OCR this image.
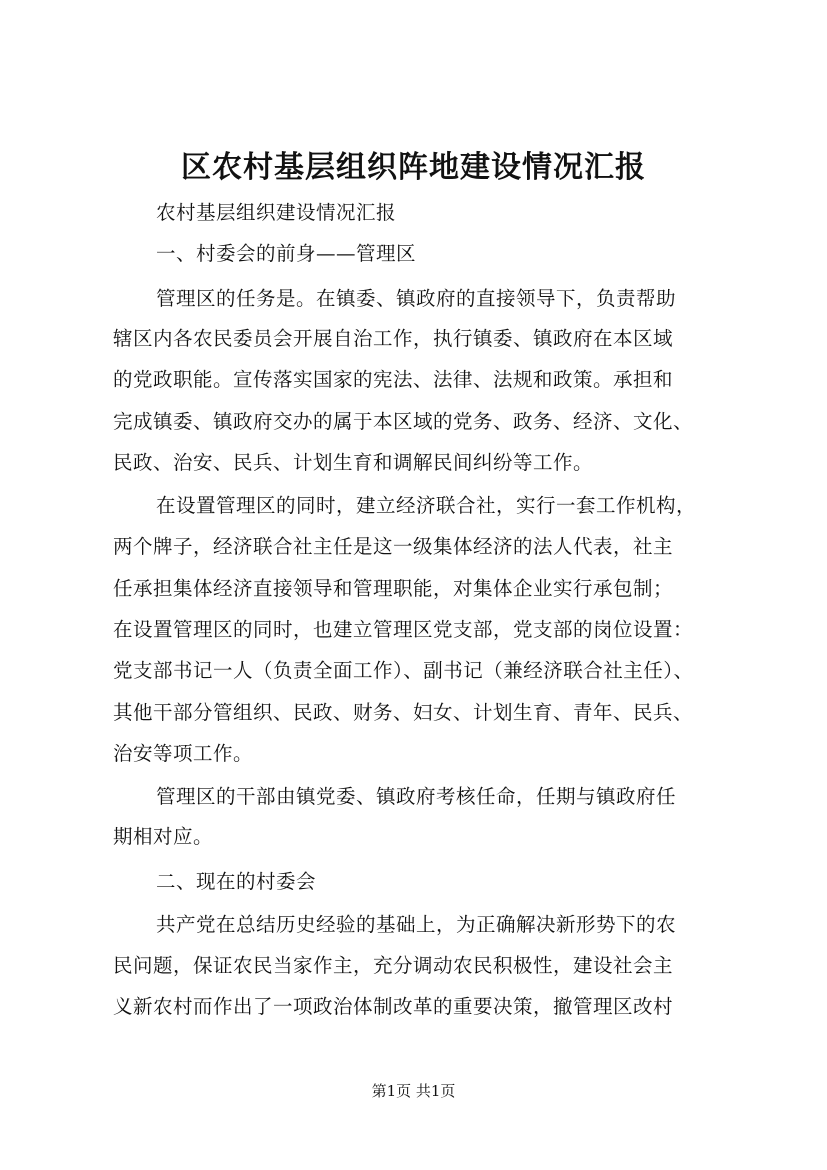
区农村基层组织阵地建设情况汇报

农村基层组织建设情况汇报

一、村委会的前身——管理区

管理区的任务是。在镇委、镇政府的直接领导下，负责帮助

辖区内各农民委员会开展自治工作，执行镇委、镇政府在本区域

的党政职能。宣传落实国家的宪法、法律、法规和政策。承担和

完成镇委、镇政府交办的属于本区域的党务、政务、经济、文化、

民政、治安、民兵、计划生育和调解民间纠纷等工作。

在设置管理区的同时，建立经济联合社，实行一套工作机构，

两个牌子，经济联合社主任是这一级集体经济的法人代表，社主

任承担集体经济直接领导和管理职能，对集体企业实行承包制；

在设置管理区的同时，也建立管理区党支部，党支部的岗位设置：

党支部书记一人（负责全面工作）、副书记（兼经济联合社主任）、

其他干部分管组织、民政、财务、妇女、计划生育、青年、民兵、

治安等项工作。

管理区的干部由镇党委、镇政府考核任命，任期与镇政府任

期相对应。

二、现在的村委会

共产党在总结历史经验的基础上，为正确解决新形势下的农

民问题，保证农民当家作主，充分调动农民积极性，建设社会主

义新农村而作出了一项政治体制改革的重要决策，撤管理区改村

第1页 共1页
